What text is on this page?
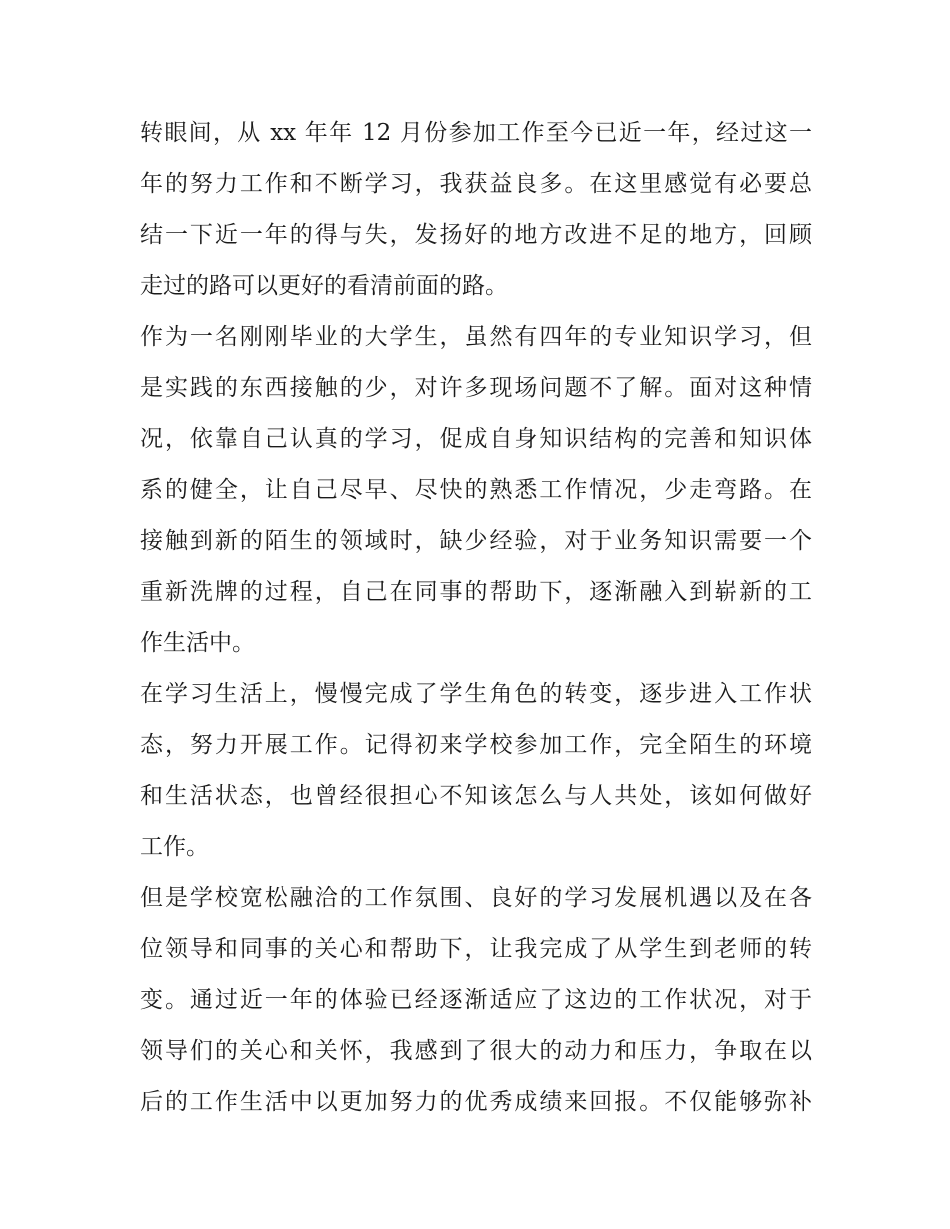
转眼间，从 xx 年年 12 月份参加工作至今已近一年，经过这一
年的努力工作和不断学习，我获益良多。在这里感觉有必要总
结一下近一年的得与失，发扬好的地方改进不足的地方，回顾
走过的路可以更好的看清前面的路。
作为一名刚刚毕业的大学生，虽然有四年的专业知识学习，但
是实践的东西接触的少，对许多现场问题不了解。面对这种情
况，依靠自己认真的学习，促成自身知识结构的完善和知识体
系的健全，让自己尽早、尽快的熟悉工作情况，少走弯路。在
接触到新的陌生的领域时，缺少经验，对于业务知识需要一个
重新洗牌的过程，自己在同事的帮助下，逐渐融入到崭新的工
作生活中。
在学习生活上，慢慢完成了学生角色的转变，逐步进入工作状
态，努力开展工作。记得初来学校参加工作，完全陌生的环境
和生活状态，也曾经很担心不知该怎么与人共处，该如何做好
工作。
但是学校宽松融洽的工作氛围、良好的学习发展机遇以及在各
位领导和同事的关心和帮助下，让我完成了从学生到老师的转
变。通过近一年的体验已经逐渐适应了这边的工作状况，对于
领导们的关心和关怀，我感到了很大的动力和压力，争取在以
后的工作生活中以更加努力的优秀成绩来回报。不仅能够弥补
